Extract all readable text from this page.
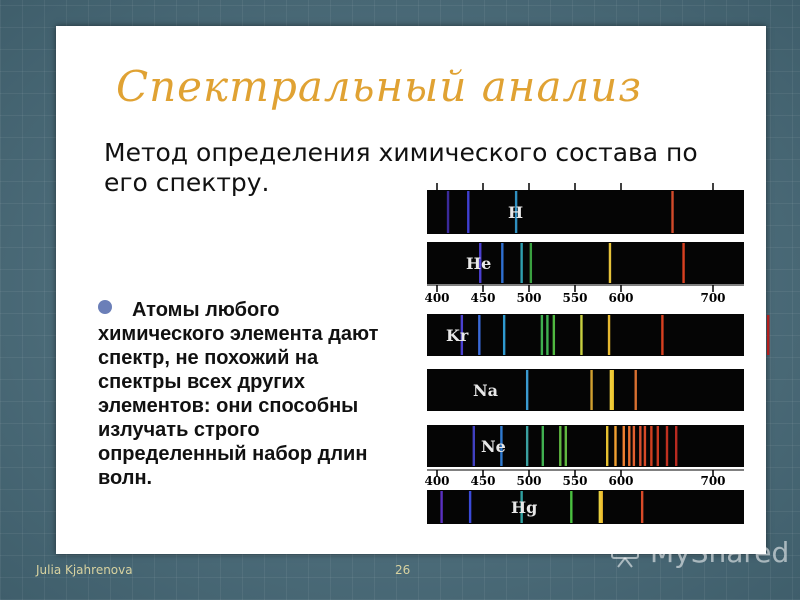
Спектральный анализ

Метод определения химического состава по его спектру.

Атомы любого химического элемента дают спектр, не похожий на спектры всех других элементов: они способны излучать строго определенный набор длин волн.

H
He
Kr
Na
Ne
Hg
400 450 500 550 600	700
400 450 500 550 600	700
Julia Kjahrenova	26
MyShared
